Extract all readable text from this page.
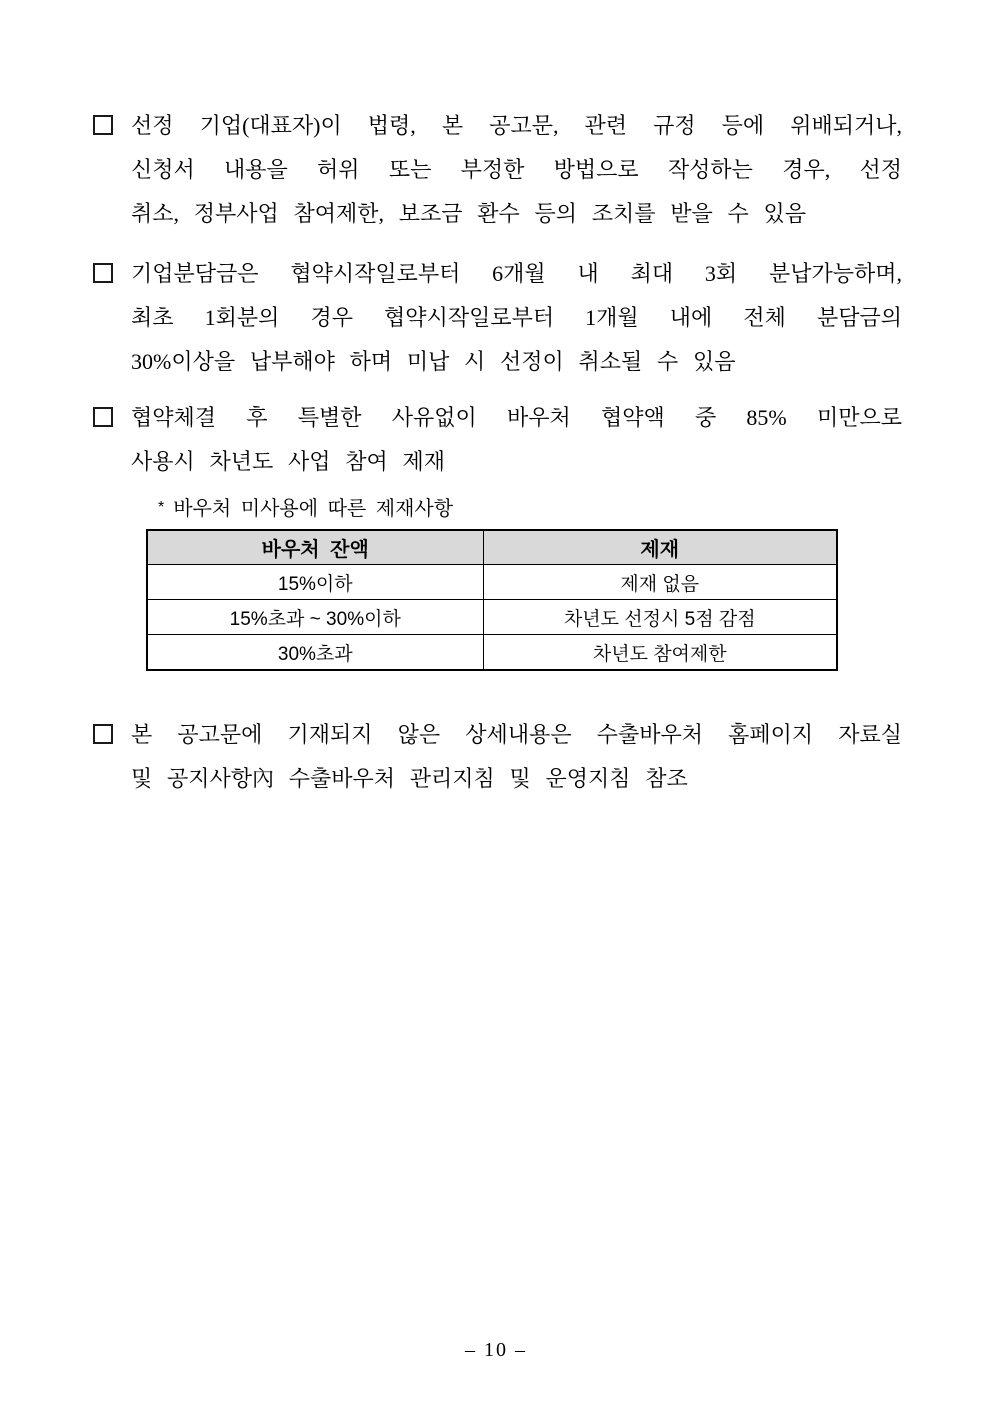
선정 기업(대표자)이 법령, 본 공고문, 관련 규정 등에 위배되거나,
신청서 내용을 허위 또는 부정한 방법으로 작성하는 경우, 선정
취소, 정부사업 참여제한, 보조금 환수 등의 조치를 받을 수 있음
기업분담금은 협약시작일로부터 6개월 내 최대 3회 분납가능하며,
최초 1회분의 경우 협약시작일로부터 1개월 내에 전체 분담금의
30%이상을 납부해야 하며 미납 시 선정이 취소될 수 있음
협약체결 후 특별한 사유없이 바우처 협약액 중 85% 미만으로
사용시 차년도 사업 참여 제재
* 바우처 미사용에 따른 제재사항
바우처 잔액	제재
15%이하	제재 없음
15%초과 ~ 30%이하	차년도 선정시 5점 감점
30%초과	차년도 참여제한
본 공고문에 기재되지 않은 상세내용은 수출바우처 홈페이지 자료실
및 공지사항內 수출바우처 관리지침 및 운영지침 참조
– 10 –
